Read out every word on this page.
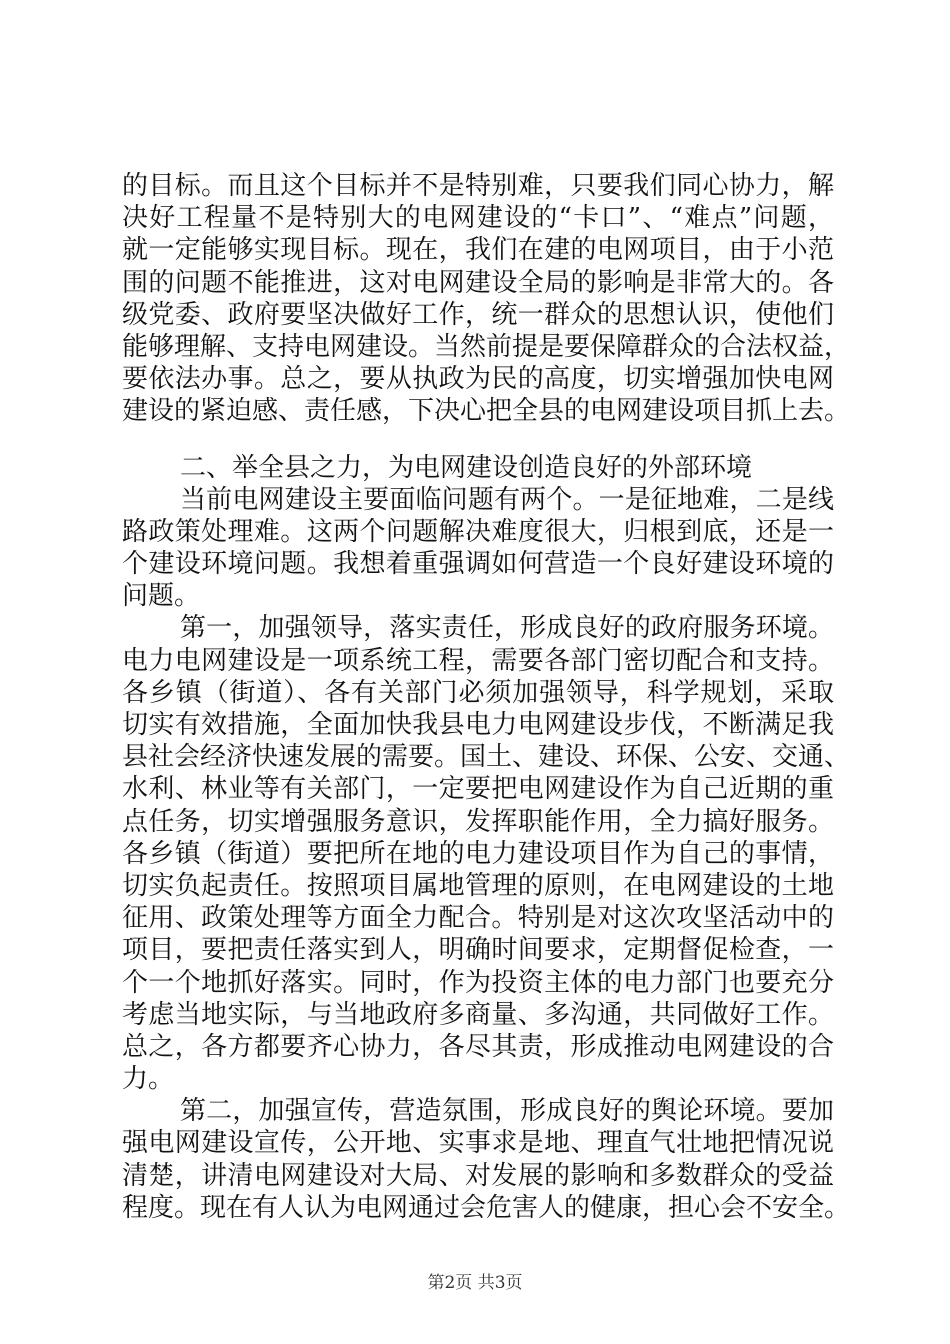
的目标。而且这个目标并不是特别难，只要我们同心协力，解
决好工程量不是特别大的电网建设的“卡口”、“难点”问题，
就一定能够实现目标。现在，我们在建的电网项目，由于小范
围的问题不能推进，这对电网建设全局的影响是非常大的。各
级党委、政府要坚决做好工作，统一群众的思想认识，使他们
能够理解、支持电网建设。当然前提是要保障群众的合法权益，
要依法办事。总之，要从执政为民的高度，切实增强加快电网
建设的紧迫感、责任感，下决心把全县的电网建设项目抓上去。
二、举全县之力，为电网建设创造良好的外部环境
当前电网建设主要面临问题有两个。一是征地难，二是线
路政策处理难。这两个问题解决难度很大，归根到底，还是一
个建设环境问题。我想着重强调如何营造一个良好建设环境的
问题。
第一，加强领导，落实责任，形成良好的政府服务环境。
电力电网建设是一项系统工程，需要各部门密切配合和支持。
各乡镇（街道）、各有关部门必须加强领导，科学规划，采取
切实有效措施，全面加快我县电力电网建设步伐，不断满足我
县社会经济快速发展的需要。国土、建设、环保、公安、交通、
水利、林业等有关部门，一定要把电网建设作为自己近期的重
点任务，切实增强服务意识，发挥职能作用，全力搞好服务。
各乡镇（街道）要把所在地的电力建设项目作为自己的事情，
切实负起责任。按照项目属地管理的原则，在电网建设的土地
征用、政策处理等方面全力配合。特别是对这次攻坚活动中的
项目，要把责任落实到人，明确时间要求，定期督促检查，一
个一个地抓好落实。同时，作为投资主体的电力部门也要充分
考虑当地实际，与当地政府多商量、多沟通，共同做好工作。
总之，各方都要齐心协力，各尽其责，形成推动电网建设的合
力。
第二，加强宣传，营造氛围，形成良好的舆论环境。要加
强电网建设宣传，公开地、实事求是地、理直气壮地把情况说
清楚，讲清电网建设对大局、对发展的影响和多数群众的受益
程度。现在有人认为电网通过会危害人的健康，担心会不安全。
第2页 共3页
